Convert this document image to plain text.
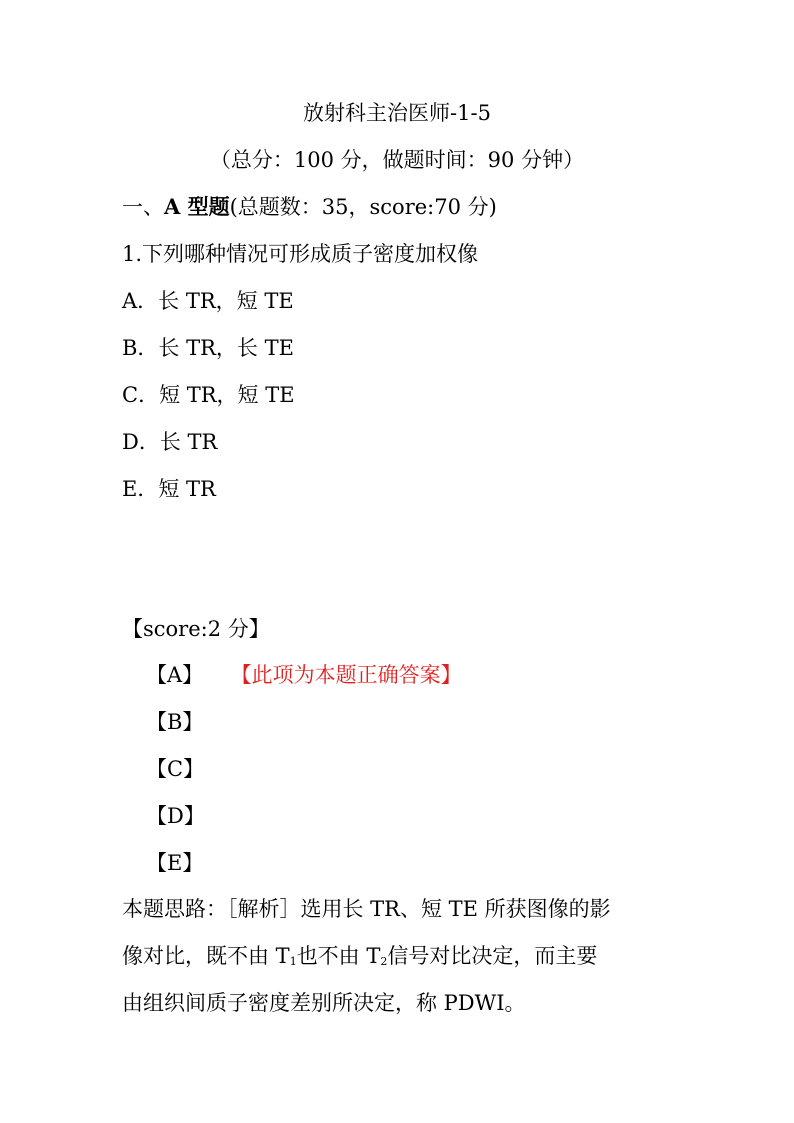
放射科主治医师-1-5
（总分：100 分，做题时间：90 分钟）
一、A 型题(总题数：35，score:70 分)
1.下列哪种情况可形成质子密度加权像
A．长 TR，短 TE
B．长 TR，长 TE
C．短 TR，短 TE
D．长 TR
E．短 TR
【score:2 分】
【A】 【此项为本题正确答案】
【B】
【C】
【D】
【E】
本题思路：［解析］选用长 TR、短 TE 所获图像的影
像对比，既不由 $T_1$也不由 $T_2$信号对比决定，而主要
由组织间质子密度差别所决定，称 PDWI。
